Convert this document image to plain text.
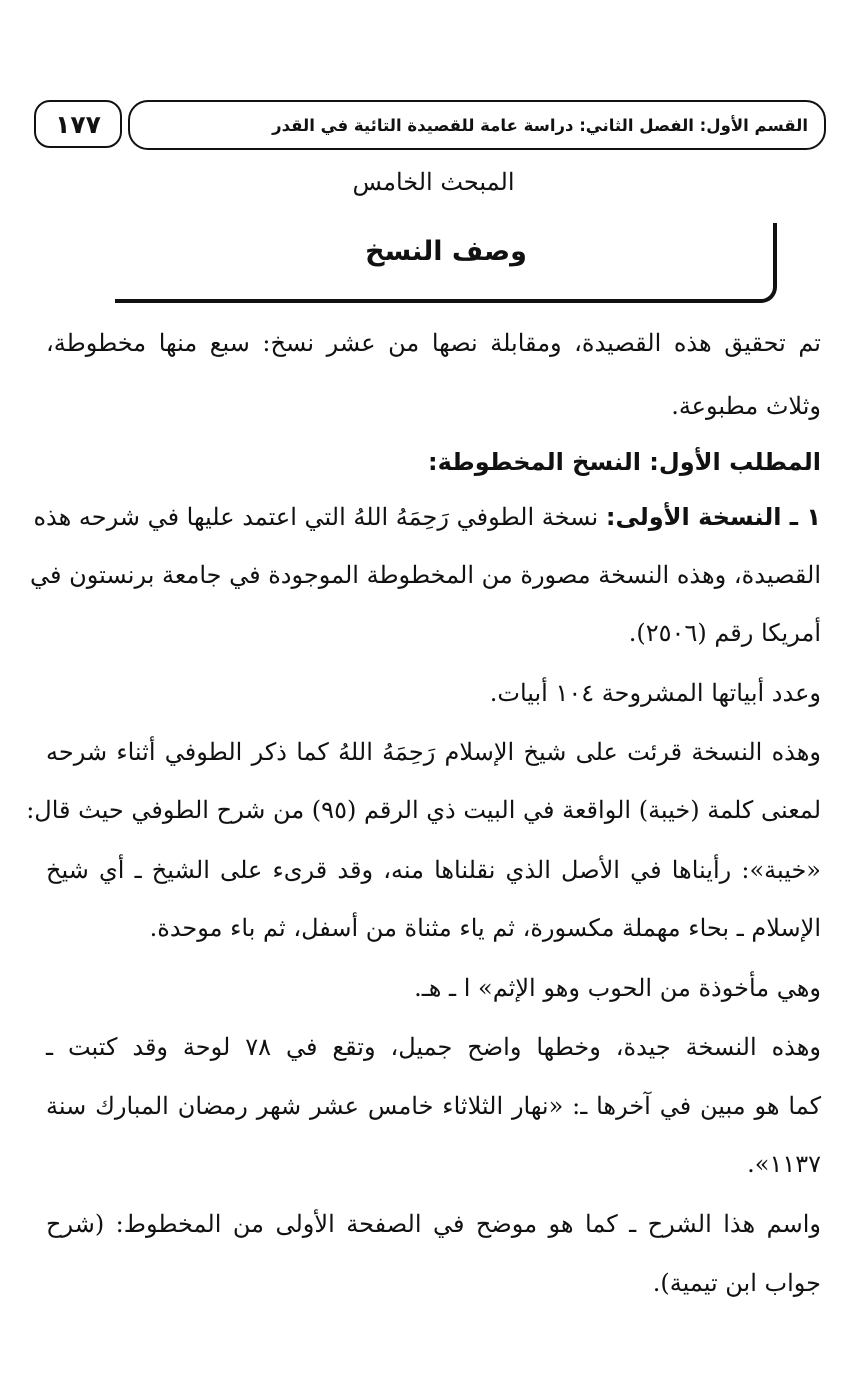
١٧٧	القسم الأول: الفصل الثاني: دراسة عامة للقصيدة التائية في القدر
المبحث الخامس
وصف النسخ
تم تحقيق هذه القصيدة، ومقابلة نصها من عشر نسخ: سبع منها مخطوطة،
وثلاث مطبوعة.
المطلب الأول: النسخ المخطوطة:
١ ـ النسخة الأولى: نسخة الطوفي رَحِمَهُ اللهُ التي اعتمد عليها في شرحه هذه
القصيدة، وهذه النسخة مصورة من المخطوطة الموجودة في جامعة برنستون في
أمريكا رقم (٢٥٠٦).
وعدد أبياتها المشروحة ١٠٤ أبيات.
وهذه النسخة قرئت على شيخ الإسلام رَحِمَهُ اللهُ كما ذكر الطوفي أثناء شرحه
لمعنى كلمة (خيبة) الواقعة في البيت ذي الرقم (٩٥) من شرح الطوفي حيث قال:
«خيبة»: رأيناها في الأصل الذي نقلناها منه، وقد قرىء على الشيخ ـ أي شيخ
الإسلام ـ بحاء مهملة مكسورة، ثم ياء مثناة من أسفل، ثم باء موحدة.
وهي مأخوذة من الحوب وهو الإثم» ا ـ هـ.
وهذه النسخة جيدة، وخطها واضح جميل، وتقع في ٧٨ لوحة وقد كتبت ـ
كما هو مبين في آخرها ـ: «نهار الثلاثاء خامس عشر شهر رمضان المبارك سنة
١١٣٧».
واسم هذا الشرح ـ كما هو موضح في الصفحة الأولى من المخطوط: (شرح
جواب ابن تيمية).
